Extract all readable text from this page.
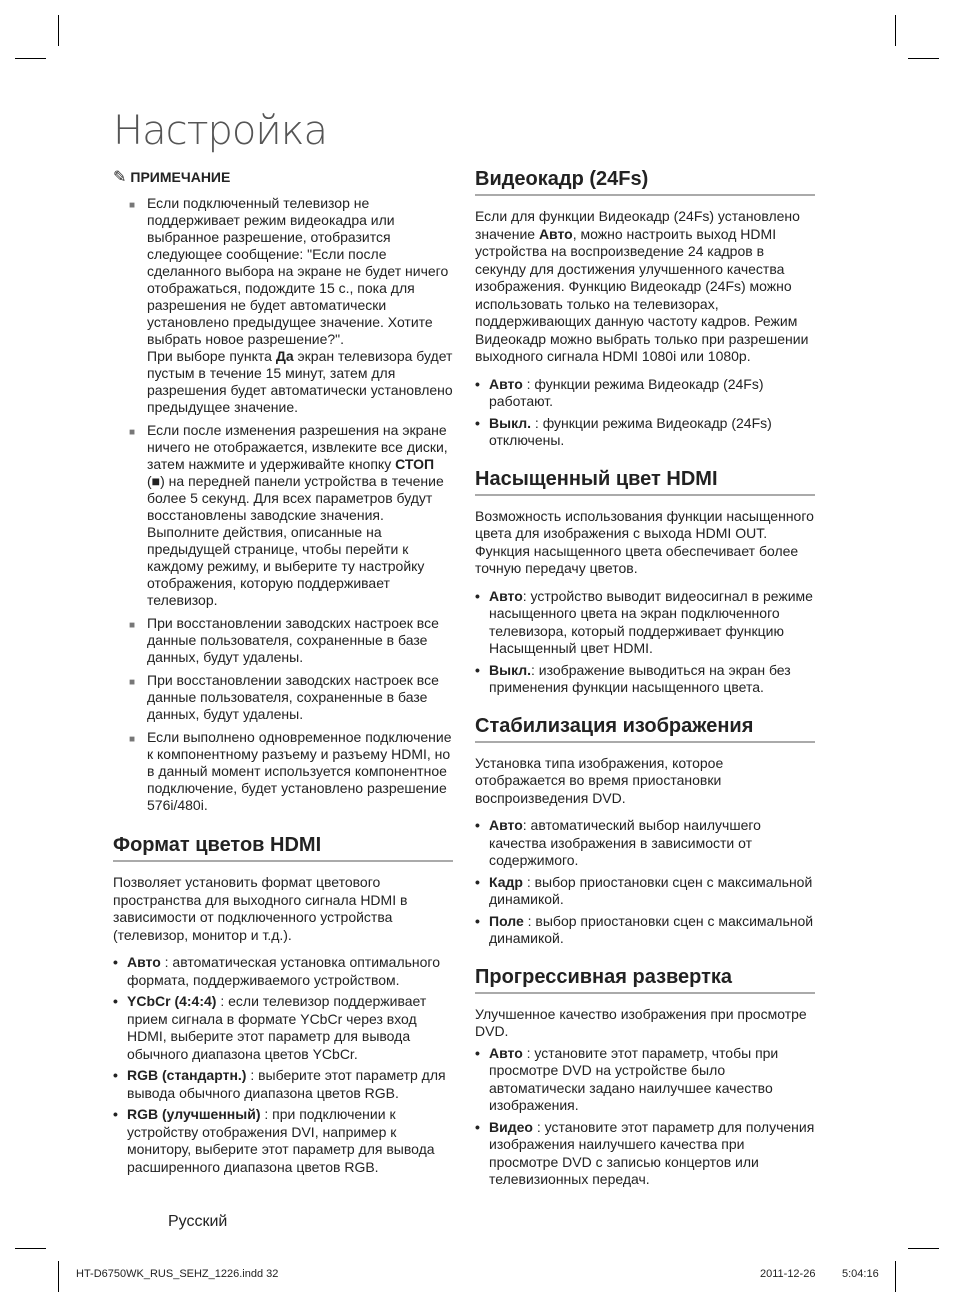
Настройка
✎ ПРИМЕЧАНИЕ
■ Если подключенный телевизор не поддерживает режим видеокадра или выбранное разрешение, отобразится следующее сообщение: "Если после сделанного выбора на экране не будет ничего отображаться, подождите 15 с., пока для разрешения не будет автоматически установлено предыдущее значение. Хотите выбрать новое разрешение?".
При выборе пункта Да экран телевизора будет пустым в течение 15 минут, затем для разрешения будет автоматически установлено предыдущее значение.
■ Если после изменения разрешения на экране ничего не отображается, извлеките все диски, затем нажмите и удерживайте кнопку СТОП (■) на передней панели устройства в течение более 5 секунд. Для всех параметров будут восстановлены заводские значения. Выполните действия, описанные на предыдущей странице, чтобы перейти к каждому режиму, и выберите ту настройку отображения, которую поддерживает телевизор.
■ При восстановлении заводских настроек все данные пользователя, сохраненные в базе данных, будут удалены.
■ При восстановлении заводских настроек все данные пользователя, сохраненные в базе данных, будут удалены.
■ Если выполнено одновременное подключение к компонентному разъему и разъему HDMI, но в данный момент используется компонентное подключение, будет установлено разрешение 576i/480i.
Формат цветов HDMI

Позволяет установить формат цветового пространства для выходного сигнала HDMI в зависимости от подключенного устройства (телевизор, монитор и т.д.).

• Авто : автоматическая установка оптимального формата, поддерживаемого устройством.
• YCbCr (4:4:4) : если телевизор поддерживает прием сигнала в формате YCbCr через вход HDMI, выберите этот параметр для вывода обычного диапазона цветов YCbCr.
• RGB (стандартн.) : выберите этот параметр для вывода обычного диапазона цветов RGB.
• RGB (улучшенный) : при подключении к устройству отображения DVI, например к монитору, выберите этот параметр для вывода расширенного диапазона цветов RGB.
Видеокадр (24Fs)

Если для функции Видеокадр (24Fs) установлено значение Авто, можно настроить выход HDMI устройства на воспроизведение 24 кадров в секунду для достижения улучшенного качества изображения. Функцию Видеокадр (24Fs) можно использовать только на телевизорах, поддерживающих данную частоту кадров. Режим Видеокадр можно выбрать только при разрешении выходного сигнала HDMI 1080i или 1080p.

• Авто : функции режима Видеокадр (24Fs) работают.
• Выкл. : функции режима Видеокадр (24Fs) отключены.
Насыщенный цвет HDMI

Возможность использования функции насыщенного цвета для изображения с выхода HDMI OUT. Функция насыщенного цвета обеспечивает более точную передачу цветов.

• Авто: устройство выводит видеосигнал в режиме насыщенного цвета на экран подключенного телевизора, который поддерживает функцию Насыщенный цвет HDMI.
• Выкл.: изображение выводиться на экран без применения функции насыщенного цвета.
Стабилизация изображения

Установка типа изображения, которое отображается во время приостановки воспроизведения DVD.

• Авто: автоматический выбор наилучшего качества изображения в зависимости от содержимого.
• Кадр : выбор приостановки сцен с максимальной динамикой.
• Поле : выбор приостановки сцен с максимальной динамикой.
Прогрессивная развертка

Улучшенное качество изображения при просмотре DVD.

• Авто : установите этот параметр, чтобы при просмотре DVD на устройстве было автоматически задано наилучшее качество изображения.
• Видео : установите этот параметр для получения изображения наилучшего качества при просмотре DVD с записью концертов или телевизионных передач.
Русский
HT-D6750WK_RUS_SEHZ_1226.indd 32	2011-12-26 5:04:16
